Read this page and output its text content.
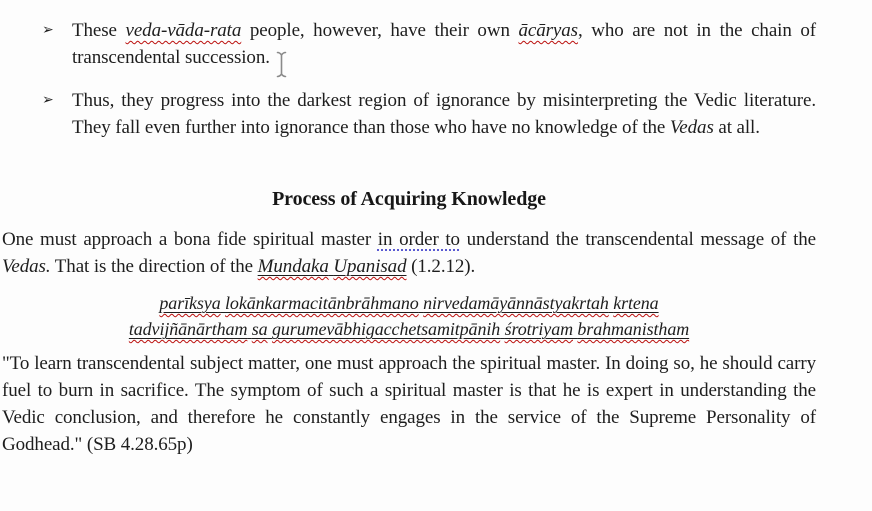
➢ These veda-vāda-rata people, however, have their own ācāryas, who are not in the chain of transcendental succession.
➢ Thus, they progress into the darkest region of ignorance by misinterpreting the Vedic literature. They fall even further into ignorance than those who have no knowledge of the Vedas at all.
Process of Acquiring Knowledge

One must approach a bona fide spiritual master in order to understand the transcendental message of the Vedas. That is the direction of the Mundaka Upanisad (1.2.12).

parīksya lokānkarmacitānbrāhmano nirvedamāyānnāstyakrtah krtena
tadvijñānārtham sa gurumevābhigacchetsamitpānih śrotriyam brahmanistham

"To learn transcendental subject matter, one must approach the spiritual master. In doing so, he should carry fuel to burn in sacrifice. The symptom of such a spiritual master is that he is expert in understanding the Vedic conclusion, and therefore he constantly engages in the service of the Supreme Personality of Godhead." (SB 4.28.65p)
